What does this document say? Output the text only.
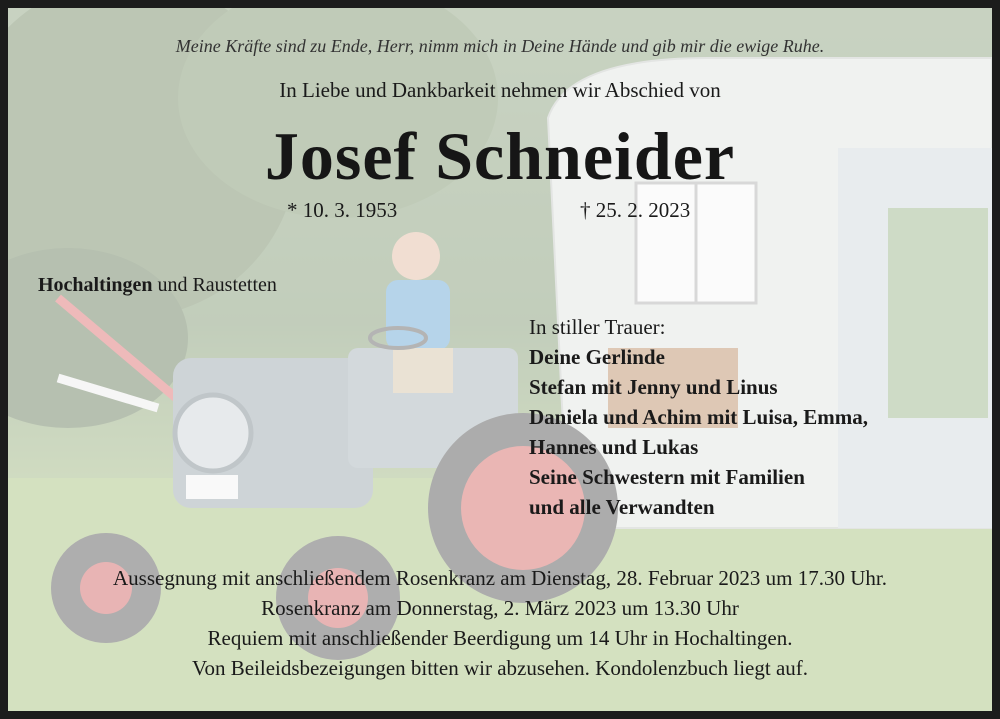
Meine Kräfte sind zu Ende, Herr, nimm mich in Deine Hände und gib mir die ewige Ruhe.
In Liebe und Dankbarkeit nehmen wir Abschied von
Josef Schneider
* 10. 3. 1953	† 25. 2. 2023
Hochaltingen und Raustetten
In stiller Trauer:
Deine Gerlinde
Stefan mit Jenny und Linus
Daniela und Achim mit Luisa, Emma,
Hannes und Lukas
Seine Schwestern mit Familien
und alle Verwandten
Aussegnung mit anschließendem Rosenkranz am Dienstag, 28. Februar 2023 um 17.30 Uhr.
Rosenkranz am Donnerstag, 2. März 2023 um 13.30 Uhr
Requiem mit anschließender Beerdigung um 14 Uhr in Hochaltingen.
Von Beileidsbezeigungen bitten wir abzusehen. Kondolenzbuch liegt auf.
